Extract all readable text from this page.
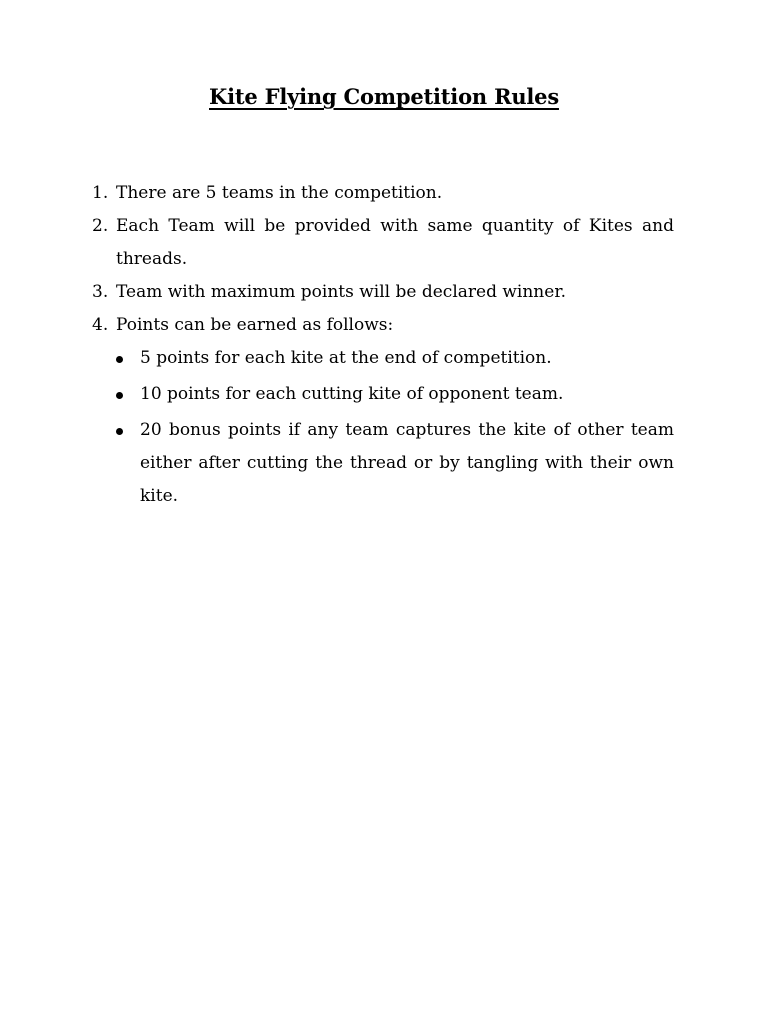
Kite Flying Competition Rules
1. There are 5 teams in the competition.
2. Each Team will be provided with same quantity of Kites and threads.
3. Team with maximum points will be declared winner.
4. Points can be earned as follows:
5 points for each kite at the end of competition.
10 points for each cutting kite of opponent team.
20 bonus points if any team captures the kite of other team either after cutting the thread or by tangling with their own kite.
